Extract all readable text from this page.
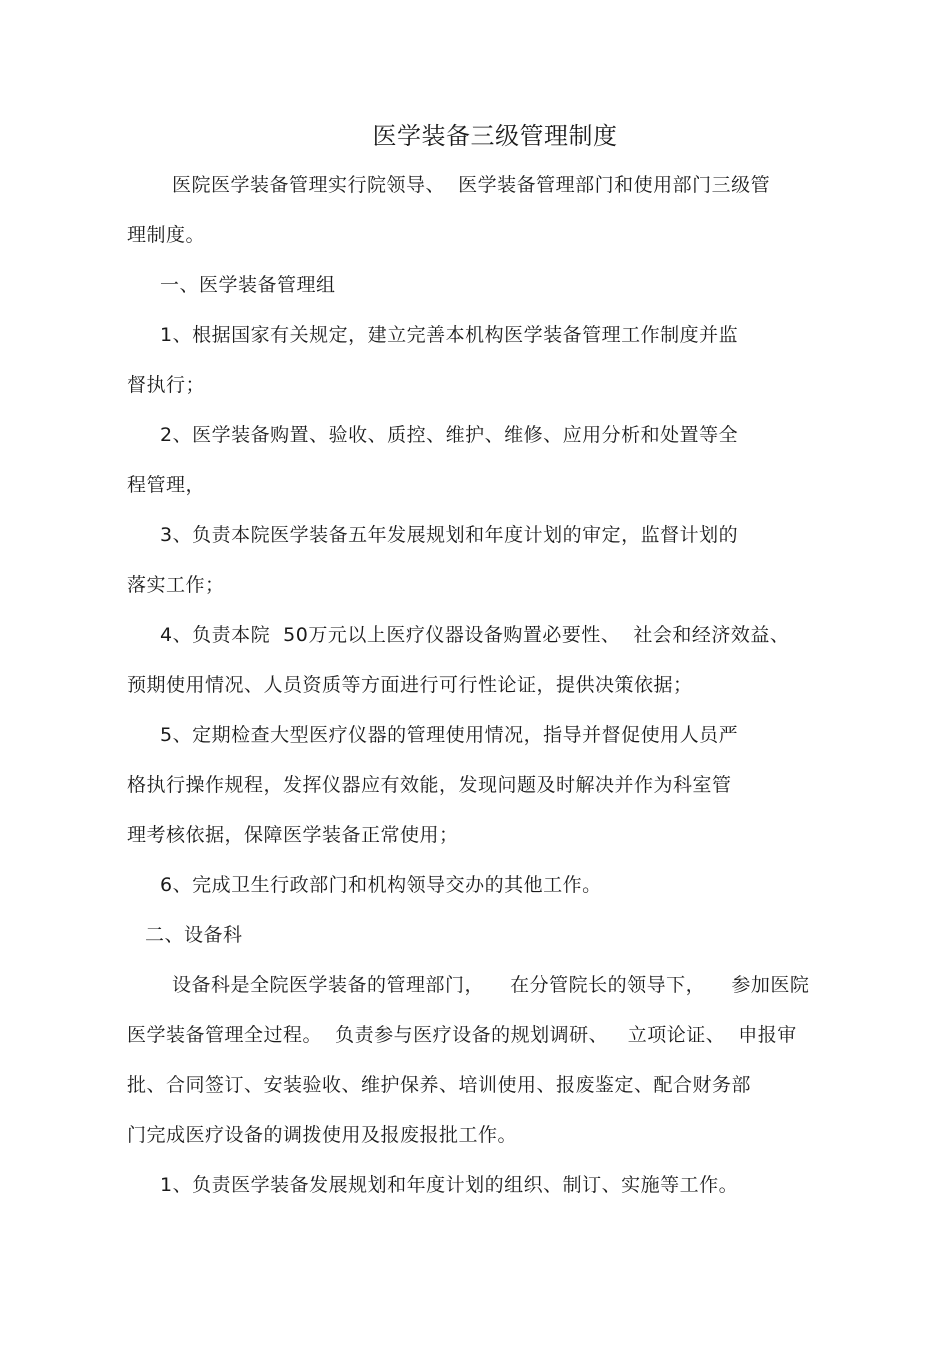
医学装备三级管理制度
医院医学装备管理实行院领导、  医学装备管理部门和使用部门三级管
理制度。
一、医学装备管理组
1、根据国家有关规定，建立完善本机构医学装备管理工作制度并监
督执行；
2、医学装备购置、验收、质控、维护、维修、应用分析和处置等全
程管理，
3、负责本院医学装备五年发展规划和年度计划的审定，监督计划的
落实工作；
4、负责本院  50万元以上医疗仪器设备购置必要性、  社会和经济效益、
预期使用情况、人员资质等方面进行可行性论证，提供决策依据；
5、定期检查大型医疗仪器的管理使用情况，指导并督促使用人员严
格执行操作规程，发挥仪器应有效能，发现问题及时解决并作为科室管
理考核依据，保障医学装备正常使用；
6、完成卫生行政部门和机构领导交办的其他工作。
二、设备科
设备科是全院医学装备的管理部门，    在分管院长的领导下，    参加医院
医学装备管理全过程。  负责参与医疗设备的规划调研、   立项论证、  申报审
批、合同签订、安装验收、维护保养、培训使用、报废鉴定、配合财务部
门完成医疗设备的调拨使用及报废报批工作。
1、负责医学装备发展规划和年度计划的组织、制订、实施等工作。
